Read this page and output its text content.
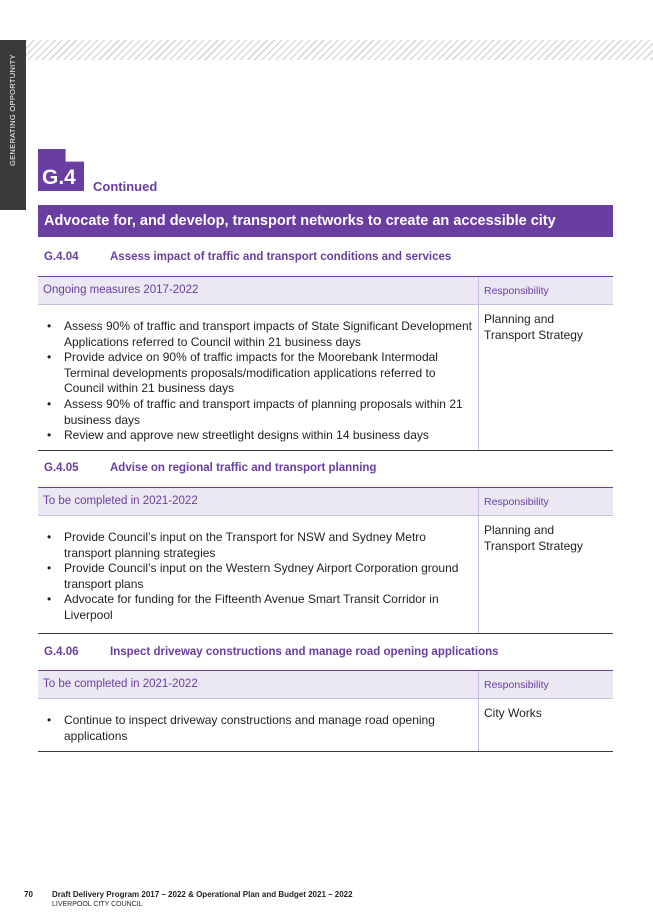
GENERATING OPPORTUNITY
G.4 Continued
Advocate for, and develop, transport networks to create an accessible city
G.4.04	Assess impact of traffic and transport conditions and services
Ongoing measures 2017-2022	Responsibility
• Assess 90% of traffic and transport impacts of State Significant Development Applications referred to Council within 21 business days
• Provide advice on 90% of traffic impacts for the Moorebank Intermodal Terminal developments proposals/modification applications referred to Council within 21 business days
• Assess 90% of traffic and transport impacts of planning proposals within 21 business days
• Review and approve new streetlight designs within 14 business days
Planning and Transport Strategy
G.4.05	Advise on regional traffic and transport planning
To be completed in 2021-2022	Responsibility
• Provide Council’s input on the Transport for NSW and Sydney Metro transport planning strategies
• Provide Council’s input on the Western Sydney Airport Corporation ground transport plans
• Advocate for funding for the Fifteenth Avenue Smart Transit Corridor in Liverpool
Planning and Transport Strategy
G.4.06	Inspect driveway constructions and manage road opening applications
To be completed in 2021-2022	Responsibility
• Continue to inspect driveway constructions and manage road opening applications
City Works
70 Draft Delivery Program 2017 – 2022 & Operational Plan and Budget 2021 – 2022
LIVERPOOL CITY COUNCIL
